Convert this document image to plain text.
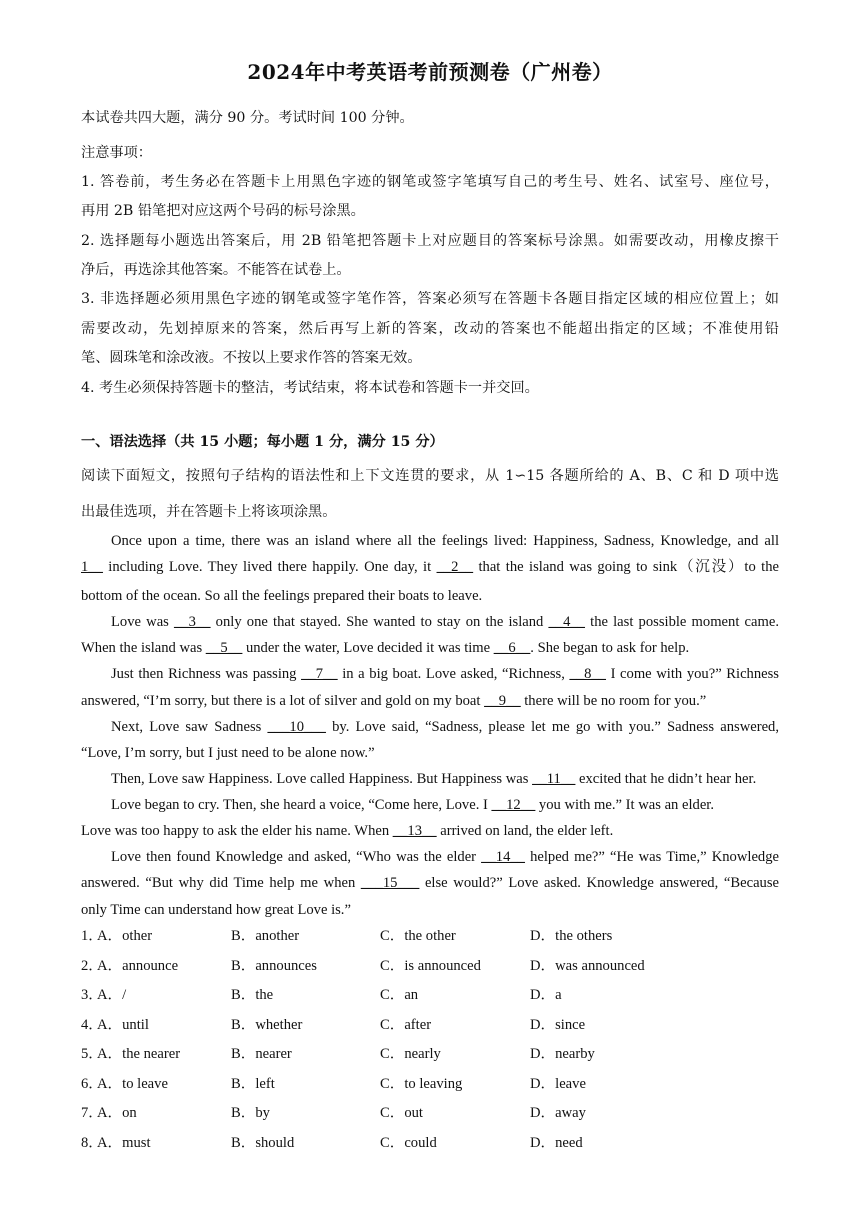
2024年中考英语考前预测卷（广州卷）
本试卷共四大题，满分 90 分。考试时间 100 分钟。
注意事项：
1. 答卷前，考生务必在答题卡上用黑色字迹的钢笔或签字笔填写自己的考生号、姓名、试室号、座位号，
再用 2B 铅笔把对应这两个号码的标号涂黑。
2. 选择题每小题选出答案后，用 2B 铅笔把答题卡上对应题目的答案标号涂黑。如需要改动，用橡皮擦干
净后，再选涂其他答案。不能答在试卷上。
3. 非选择题必须用黑色字迹的钢笔或签字笔作答，答案必须写在答题卡各题目指定区域的相应位置上；如
需要改动，先划掉原来的答案，然后再写上新的答案，改动的答案也不能超出指定的区域；不准使用铅
笔、圆珠笔和涂改液。不按以上要求作答的答案无效。
4. 考生必须保持答题卡的整洁，考试结束，将本试卷和答题卡一并交回。
一、语法选择（共 15 小题；每小题 1 分，满分 15 分）
阅读下面短文，按照句子结构的语法性和上下文连贯的要求，从 1∽15 各题所给的 A、B、C 和 D 项中选
出最佳选项，并在答题卡上将该项涂黑。
Once upon a time, there was an island where all the feelings lived: Happiness, Sadness, Knowledge, and all
1__ including Love. They lived there happily. One day, it __2__ that the island was going to sink（沉没）to the
bottom of the ocean. So all the feelings prepared their boats to leave.
Love was __3__ only one that stayed. She wanted to stay on the island __4__ the last possible moment came.
When the island was __5__ under the water, Love decided it was time __6__. She began to ask for help.
Just then Richness was passing __7__ in a big boat. Love asked, “Richness, __8__ I come with you?” Richness
answered, “I’m sorry, but there is a lot of silver and gold on my boat __9__ there will be no room for you.”
Next, Love saw Sadness ___10___ by. Love said, “Sadness, please let me go with you.” Sadness answered,
“Love, I’m sorry, but I just need to be alone now.”
Then, Love saw Happiness. Love called Happiness. But Happiness was __11__ excited that he didn’t hear her.
Love began to cry. Then, she heard a voice, “Come here, Love. I __12__ you with me.” It was an elder.
Love was too happy to ask the elder his name. When __13__ arrived on land, the elder left.
Love then found Knowledge and asked, “Who was the elder __14__ helped me?” “He was Time,” Knowledge
answered. “But why did Time help me when ___15___ else would?” Love asked. Knowledge answered, “Because
only Time can understand how great Love is.”
1．
A．other	B．another	C．the other	D．the others
2．
A．announce	B．announces	C．is announced	D．was announced
3．
A．/	B．the	C．an	D．a
4．
A．until	B．whether	C．after	D．since
5．
A．the nearer	B．nearer	C．nearly	D．nearby
6．
A．to leave	B．left	C．to leaving	D．leave
7．
A．on	B．by	C．out	D．away
8．
A．must	B．should	C．could	D．need
